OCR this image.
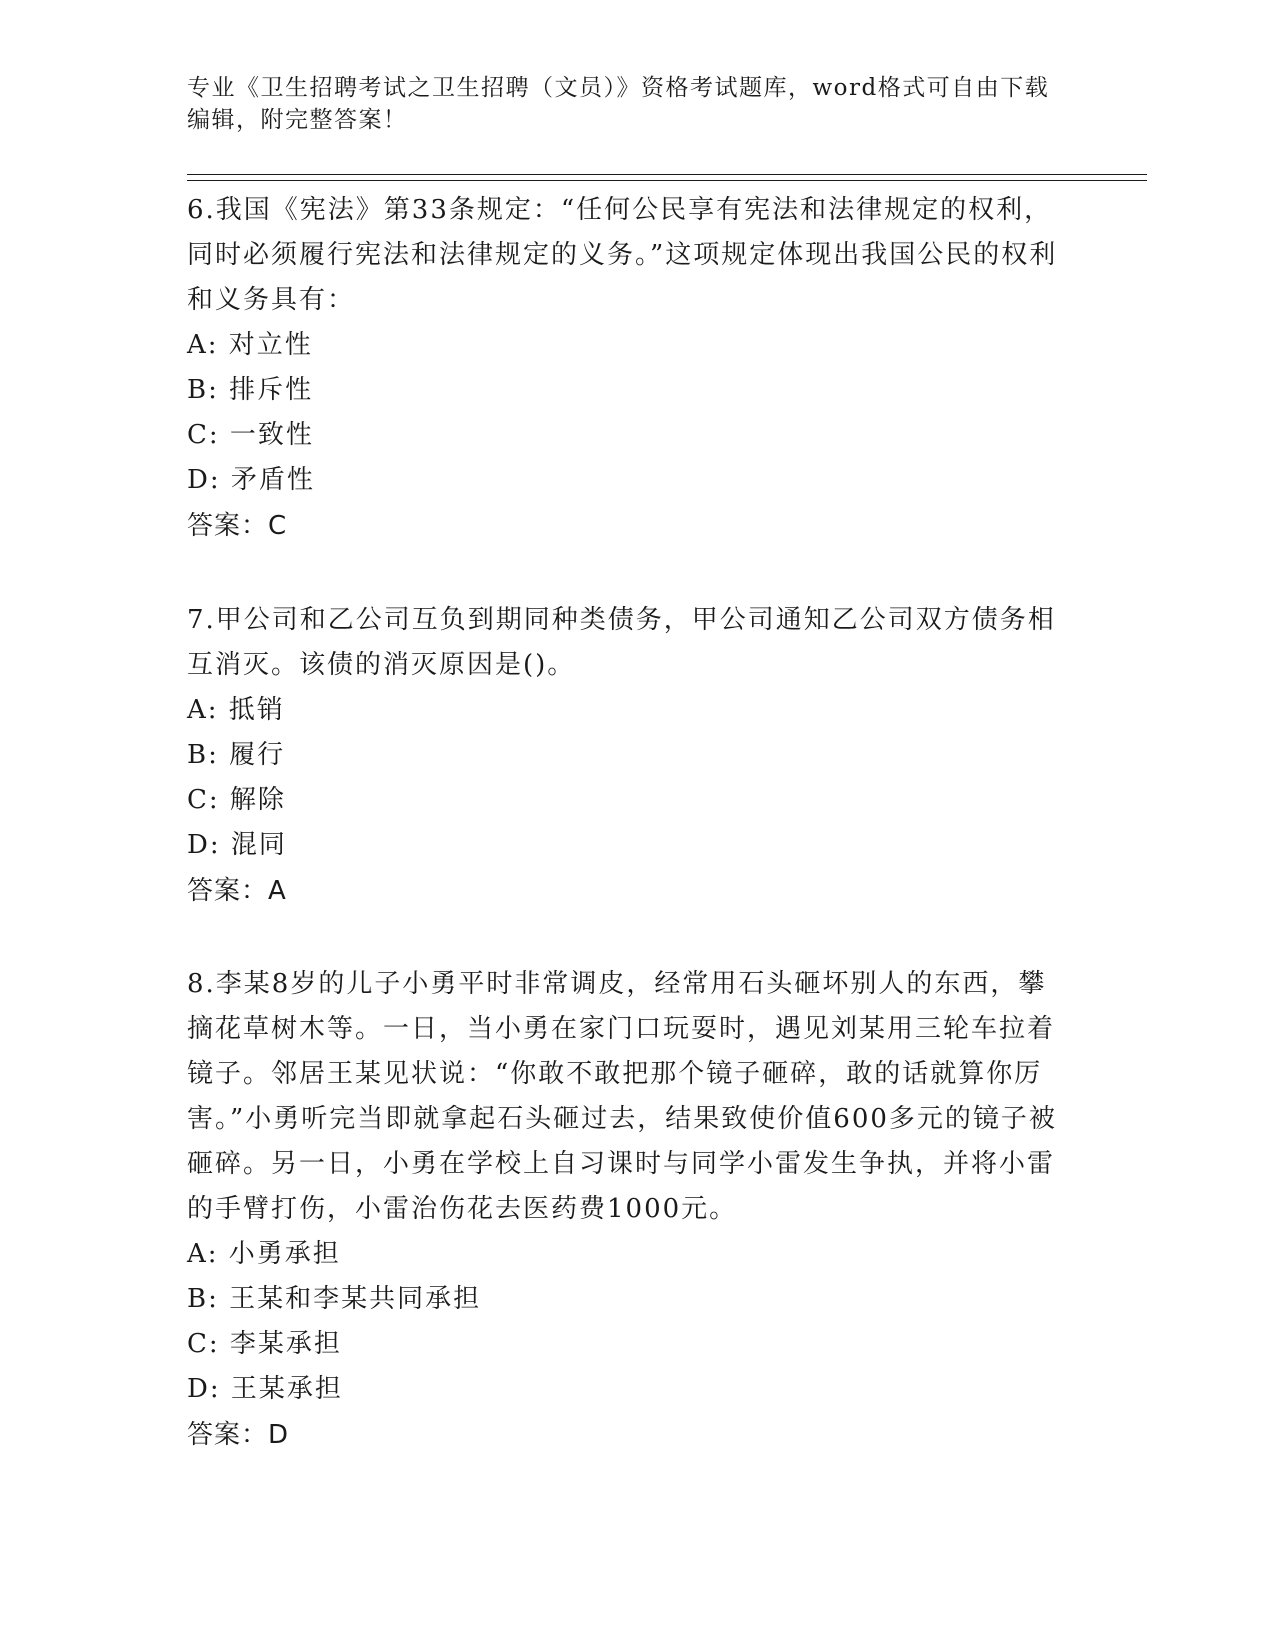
专业《卫生招聘考试之卫生招聘（文员）》资格考试题库，word格式可自由下载编辑，附完整答案！

6.我国《宪法》第33条规定：“任何公民享有宪法和法律规定的权利，同时必须履行宪法和法律规定的义务。”这项规定体现出我国公民的权利和义务具有：

A: 对立性

B: 排斥性

C: 一致性

D: 矛盾性

答案：C

7.甲公司和乙公司互负到期同种类债务，甲公司通知乙公司双方债务相互消灭。该债的消灭原因是()。

A: 抵销

B: 履行

C: 解除

D: 混同

答案：A

8.李某8岁的儿子小勇平时非常调皮，经常用石头砸坏别人的东西，攀摘花草树木等。一日，当小勇在家门口玩耍时，遇见刘某用三轮车拉着镜子。邻居王某见状说：“你敢不敢把那个镜子砸碎，敢的话就算你厉害。”小勇听完当即就拿起石头砸过去，结果致使价值600多元的镜子被砸碎。另一日，小勇在学校上自习课时与同学小雷发生争执，并将小雷的手臂打伤，小雷治伤花去医药费1000元。

A: 小勇承担

B: 王某和李某共同承担

C: 李某承担

D: 王某承担

答案：D
